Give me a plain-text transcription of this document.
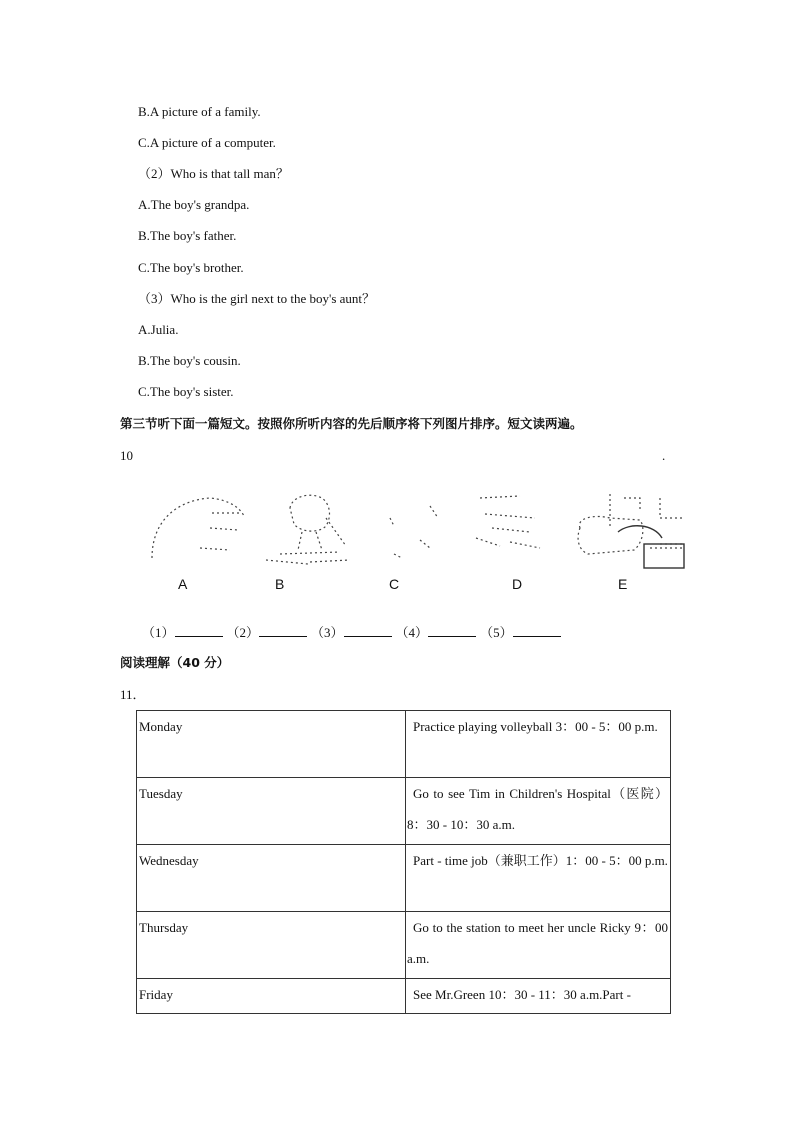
B.A picture of a family.
C.A picture of a computer.
（2）Who is that tall man？
A.The boy's grandpa.
B.The boy's father.
C.The boy's brother.
（3）Who is the girl next to the boy's aunt？
A.Julia.
B.The boy's cousin.
C.The boy's sister.
第三节听下面一篇短文。按照你所听内容的先后顺序将下列图片排序。短文读两遍。
10	.
A	B	C	D	E
（1）	（2）	（3）	（4）	（5）
阅读理解（40 分）
11．
Monday	Practice playing volleyball 3：00 - 5：00 p.m.

Tuesday	Go to see Tim in Children's Hospital（医院）8：30 - 10：30 a.m.

Wednesday	Part - time job（兼职工作）1：00 - 5：00 p.m.

Thursday	Go to the station to meet her uncle Ricky 9：00 a.m.

Friday	See Mr.Green 10：30 - 11：30 a.m.Part -
